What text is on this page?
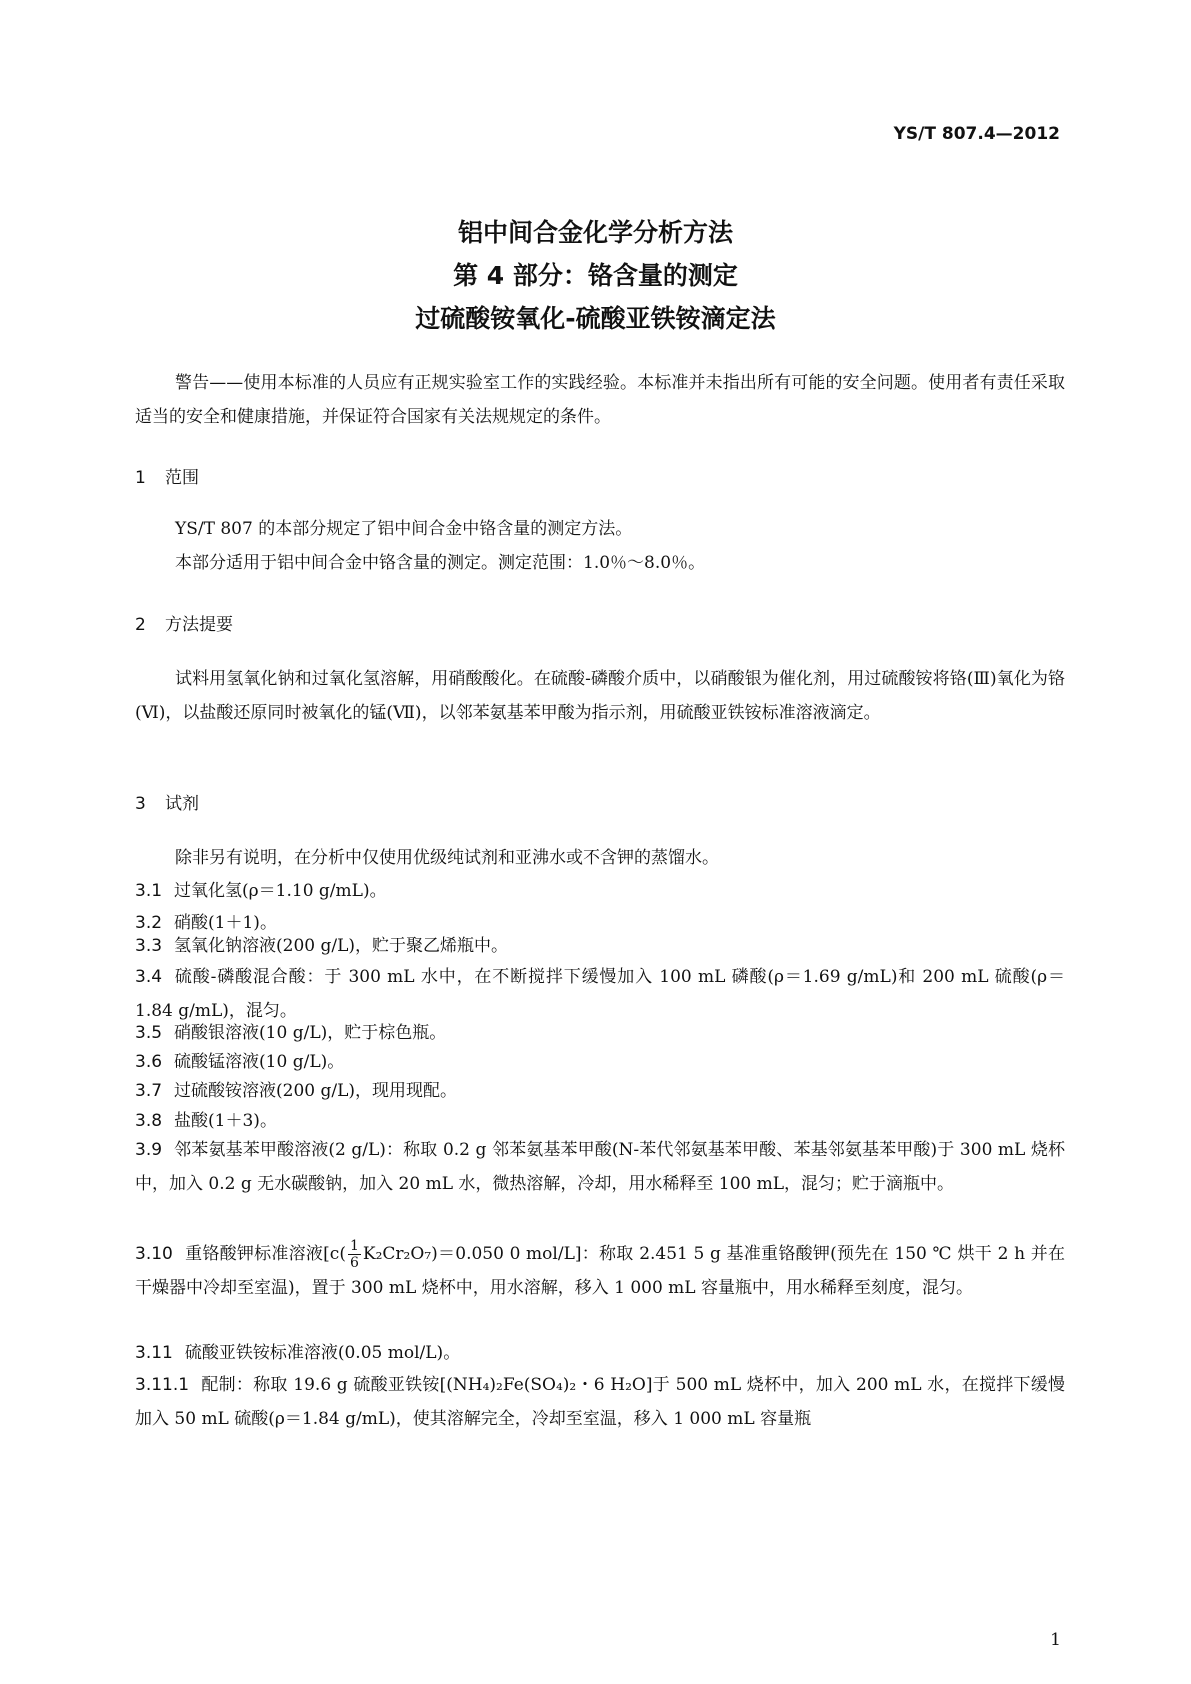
YS/T 807.4—2012
铝中间合金化学分析方法
第 4 部分：铬含量的测定
过硫酸铵氧化-硫酸亚铁铵滴定法
警告——使用本标准的人员应有正规实验室工作的实践经验。本标准并未指出所有可能的安全问题。使用者有责任采取适当的安全和健康措施，并保证符合国家有关法规规定的条件。
1 范围
YS/T 807 的本部分规定了铝中间合金中铬含量的测定方法。
本部分适用于铝中间合金中铬含量的测定。测定范围：1.0％～8.0％。
2 方法提要
试料用氢氧化钠和过氧化氢溶解，用硝酸酸化。在硫酸-磷酸介质中，以硝酸银为催化剂，用过硫酸铵将铬(Ⅲ)氧化为铬(Ⅵ)，以盐酸还原同时被氧化的锰(Ⅶ)，以邻苯氨基苯甲酸为指示剂，用硫酸亚铁铵标准溶液滴定。
3 试剂
除非另有说明，在分析中仅使用优级纯试剂和亚沸水或不含钾的蒸馏水。
3.1 过氧化氢(ρ＝1.10 g/mL)。
3.2 硝酸(1＋1)。
3.3 氢氧化钠溶液(200 g/L)，贮于聚乙烯瓶中。
3.4 硫酸-磷酸混合酸：于 300 mL 水中，在不断搅拌下缓慢加入 100 mL 磷酸(ρ＝1.69 g/mL)和 200 mL 硫酸(ρ＝1.84 g/mL)，混匀。
3.5 硝酸银溶液(10 g/L)，贮于棕色瓶。
3.6 硫酸锰溶液(10 g/L)。
3.7 过硫酸铵溶液(200 g/L)，现用现配。
3.8 盐酸(1＋3)。
3.9 邻苯氨基苯甲酸溶液(2 g/L)：称取 0.2 g 邻苯氨基苯甲酸(N-苯代邻氨基苯甲酸、苯基邻氨基苯甲酸)于 300 mL 烧杯中，加入 0.2 g 无水碳酸钠，加入 20 mL 水，微热溶解，冷却，用水稀释至 100 mL，混匀；贮于滴瓶中。
3.10 重铬酸钾标准溶液[$c( \frac{1}{6} K_2Cr_2O_7)=0.050$ 0 mol/L]：称取 2.451 5 g 基准重铬酸钾(预先在 150 ℃ 烘干 2 h 并在干燥器中冷却至室温)，置于 300 mL 烧杯中，用水溶解，移入 1 000 mL 容量瓶中，用水稀释至刻度，混匀。
3.11 硫酸亚铁铵标准溶液(0.05 mol/L)。
3.11.1 配制：称取 19.6 g 硫酸亚铁铵[(NH₄)₂Fe(SO₄)₂・6 H₂O]于 500 mL 烧杯中，加入 200 mL 水，在搅拌下缓慢加入 50 mL 硫酸(ρ＝1.84 g/mL)，使其溶解完全，冷却至室温，移入 1 000 mL 容量瓶
1
